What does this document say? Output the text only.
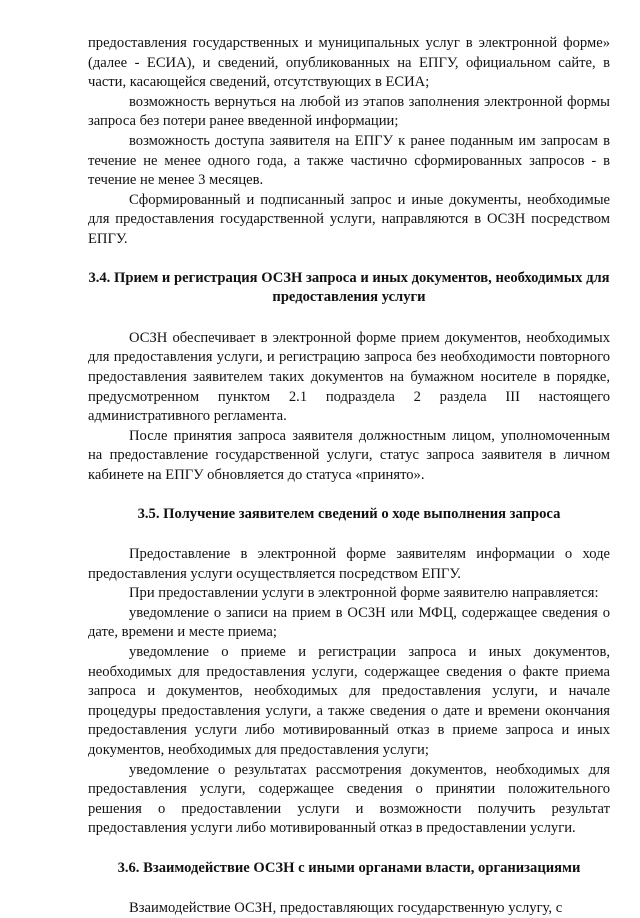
предоставления государственных и муниципальных услуг в электронной форме» (далее - ЕСИА), и сведений, опубликованных на ЕПГУ, официальном сайте, в части, касающейся сведений, отсутствующих в ЕСИА;

возможность вернуться на любой из этапов заполнения электронной формы запроса без потери ранее введенной информации;

возможность доступа заявителя на ЕПГУ к ранее поданным им запросам в течение не менее одного года, а также частично сформированных запросов - в течение не менее 3 месяцев.

Сформированный и подписанный запрос и иные документы, необходимые для предоставления государственной услуги, направляются в ОСЗН посредством ЕПГУ.

3.4. Прием и регистрация ОСЗН запроса и иных документов, необходимых для предоставления услуги

ОСЗН обеспечивает в электронной форме прием документов, необходимых для предоставления услуги, и регистрацию запроса без необходимости повторного предоставления заявителем таких документов на бумажном носителе в порядке, предусмотренном пунктом 2.1 подраздела 2 раздела III настоящего административного регламента.

После принятия запроса заявителя должностным лицом, уполномоченным на предоставление государственной услуги, статус запроса заявителя в личном кабинете на ЕПГУ обновляется до статуса «принято».

3.5. Получение заявителем сведений о ходе выполнения запроса

Предоставление в электронной форме заявителям информации о ходе предоставления услуги осуществляется посредством ЕПГУ.

При предоставлении услуги в электронной форме заявителю направляется:

уведомление о записи на прием в ОСЗН или МФЦ, содержащее сведения о дате, времени и месте приема;

уведомление о приеме и регистрации запроса и иных документов, необходимых для предоставления услуги, содержащее сведения о факте приема запроса и документов, необходимых для предоставления услуги, и начале процедуры предоставления услуги, а также сведения о дате и времени окончания предоставления услуги либо мотивированный отказ в приеме запроса и иных документов, необходимых для предоставления услуги;

уведомление о результатах рассмотрения документов, необходимых для предоставления услуги, содержащее сведения о принятии положительного решения о предоставлении услуги и возможности получить результат предоставления услуги либо мотивированный отказ в предоставлении услуги.

3.6. Взаимодействие ОСЗН с иными органами власти, организациями

Взаимодействие ОСЗН, предоставляющих государственную услугу, с
